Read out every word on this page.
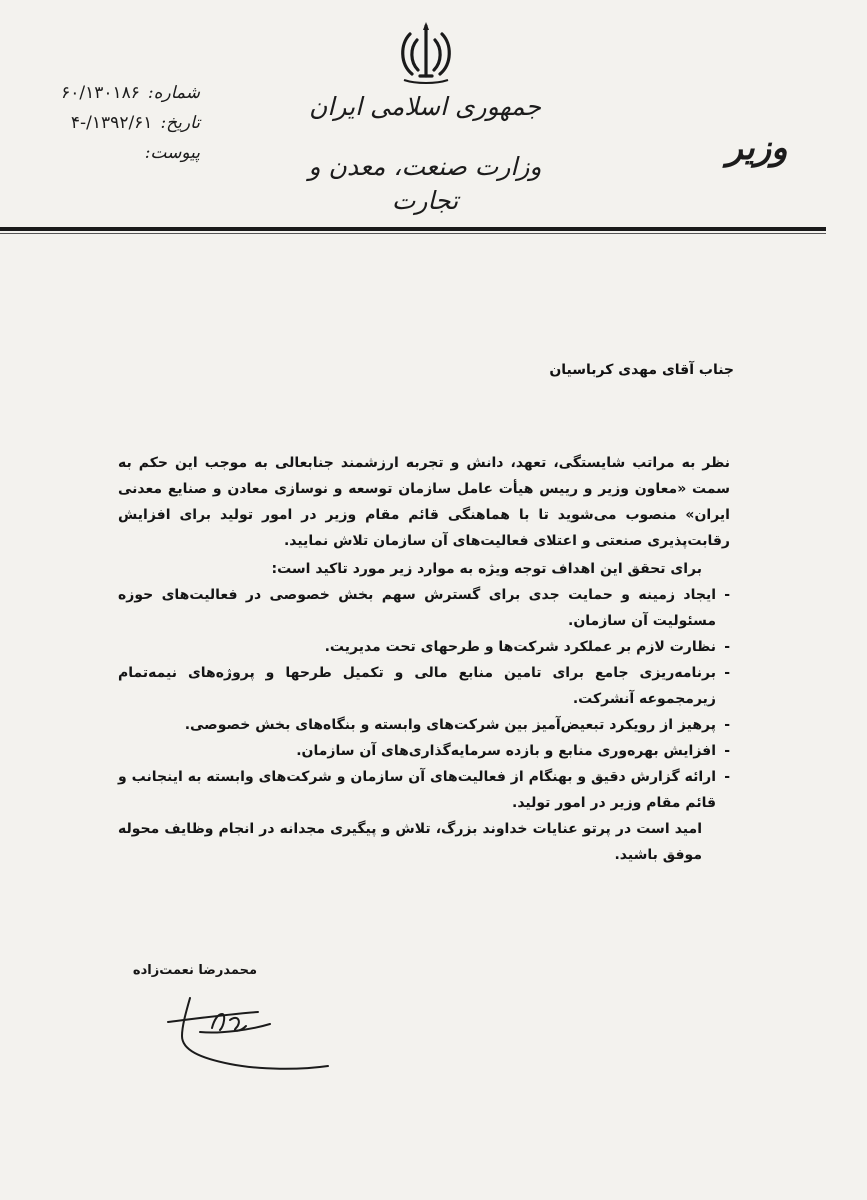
جمهوری اسلامی ایران
وزارت صنعت، معدن و تجارت
وزیر
شماره:
۶۰/۱۳۰۱۸۶
تاریخ:
۱۳۹۲/۶۱/-۴
پیوست:
جناب آقای مهدی کرباسیان

نظر به مراتب شایستگی، تعهد، دانش و تجربه ارزشمند جنابعالی به موجب این حکم به سمت «معاون وزیر و رییس هیأت عامل سازمان توسعه و نوسازی معادن و صنایع معدنی ایران» منصوب می‌شوید تا با هماهنگی قائم مقام وزیر در امور تولید برای افزایش رقابت‌پذیری صنعتی و اعتلای فعالیت‌های آن سازمان تلاش نمایید.

برای تحقق این اهداف توجه ویژه به موارد زیر مورد تاکید است:

-
ایجاد زمینه و حمایت جدی برای گسترش سهم بخش خصوصی در فعالیت‌های حوزه مسئولیت آن سازمان.
-
نظارت لازم بر عملکرد شرکت‌ها و طرحهای تحت مدیریت.
-
برنامه‌ریزی جامع برای تامین منابع مالی و تکمیل طرحها و پروژه‌های نیمه‌تمام زیرمجموعه آنشرکت.
-
پرهیز از رویکرد تبعیض‌آمیز بین شرکت‌های وابسته و بنگاه‌های بخش خصوصی.
-
افزایش بهره‌وری منابع و بازده سرمایه‌گذاری‌های آن سازمان.
-
ارائه گزارش دقیق و بهنگام از فعالیت‌های آن سازمان و شرکت‌های وابسته به اینجانب و قائم مقام وزیر در امور تولید.

امید است در پرتو عنایات خداوند بزرگ، تلاش و پیگیری مجدانه در انجام وظایف محوله موفق باشید.

محمدرضا نعمت‌زاده
